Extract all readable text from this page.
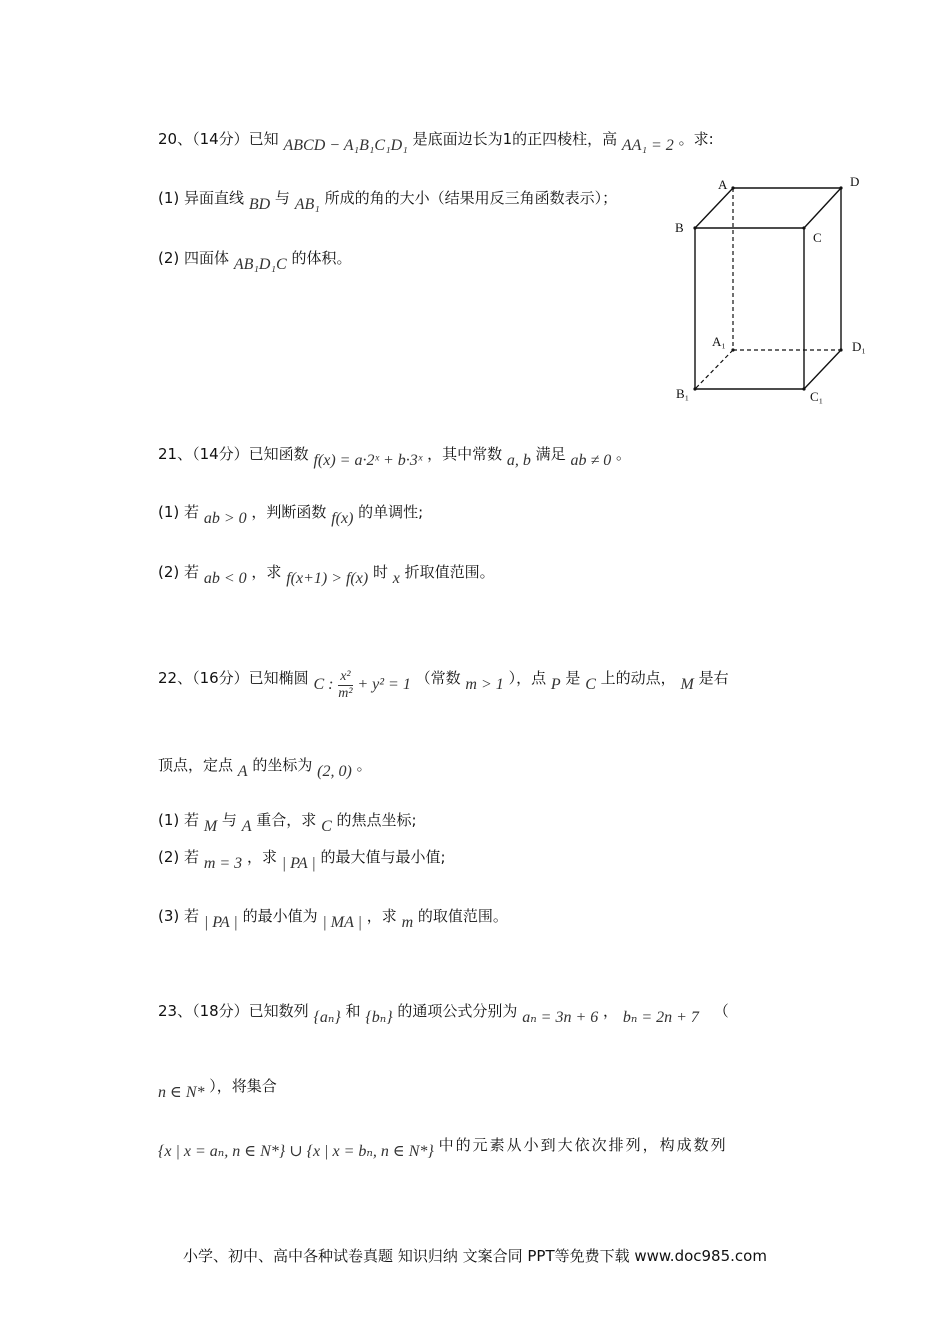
20、（14分）已知 ABCD − A₁B₁C₁D₁ 是底面边长为1的正四棱柱，高 AA₁ = 2 。求:
(1) 异面直线 BD 与 AB₁ 所成的角的大小（结果用反三角函数表示）；
(2) 四面体 AB₁D₁C 的体积。
A	D
B
C
A₁	D₁
B₁	C₁
21、（14分）已知函数 f(x) = a·2ˣ + b·3ˣ ，其中常数 a, b 满足 ab ≠ 0 。
(1) 若 ab > 0 ，判断函数 f(x) 的单调性;
(2) 若 ab < 0 ，求 f(x+1) > f(x) 时 x 折取值范围。
22、（16分）已知椭圆 C : $\frac{\text{x²}}{\text{m²}} + y^2 = 1$ （常数 m > 1 ），点 P 是 C 上的动点， M 是右
顶点，定点 A 的坐标为 (2, 0) 。
(1) 若 M 与 A 重合，求 C 的焦点坐标;
(2) 若 m = 3 ，求 | PA | 的最大值与最小值;
(3) 若 | PA | 的最小值为 | MA | ，求 m 的取值范围。
23、（18分）已知数列 {aₙ} 和 {bₙ} 的通项公式分别为 aₙ = 3n + 6 ， bₙ = 2n + 7 （
n ∈ N* ），将集合
{x | x = aₙ, n ∈ N*} ∪ {x | x = bₙ, n ∈ N*} 中的元素从小到大依次排列，构成数列
小学、初中、高中各种试卷真题 知识归纳 文案合同 PPT等免费下载 www.doc985.com
